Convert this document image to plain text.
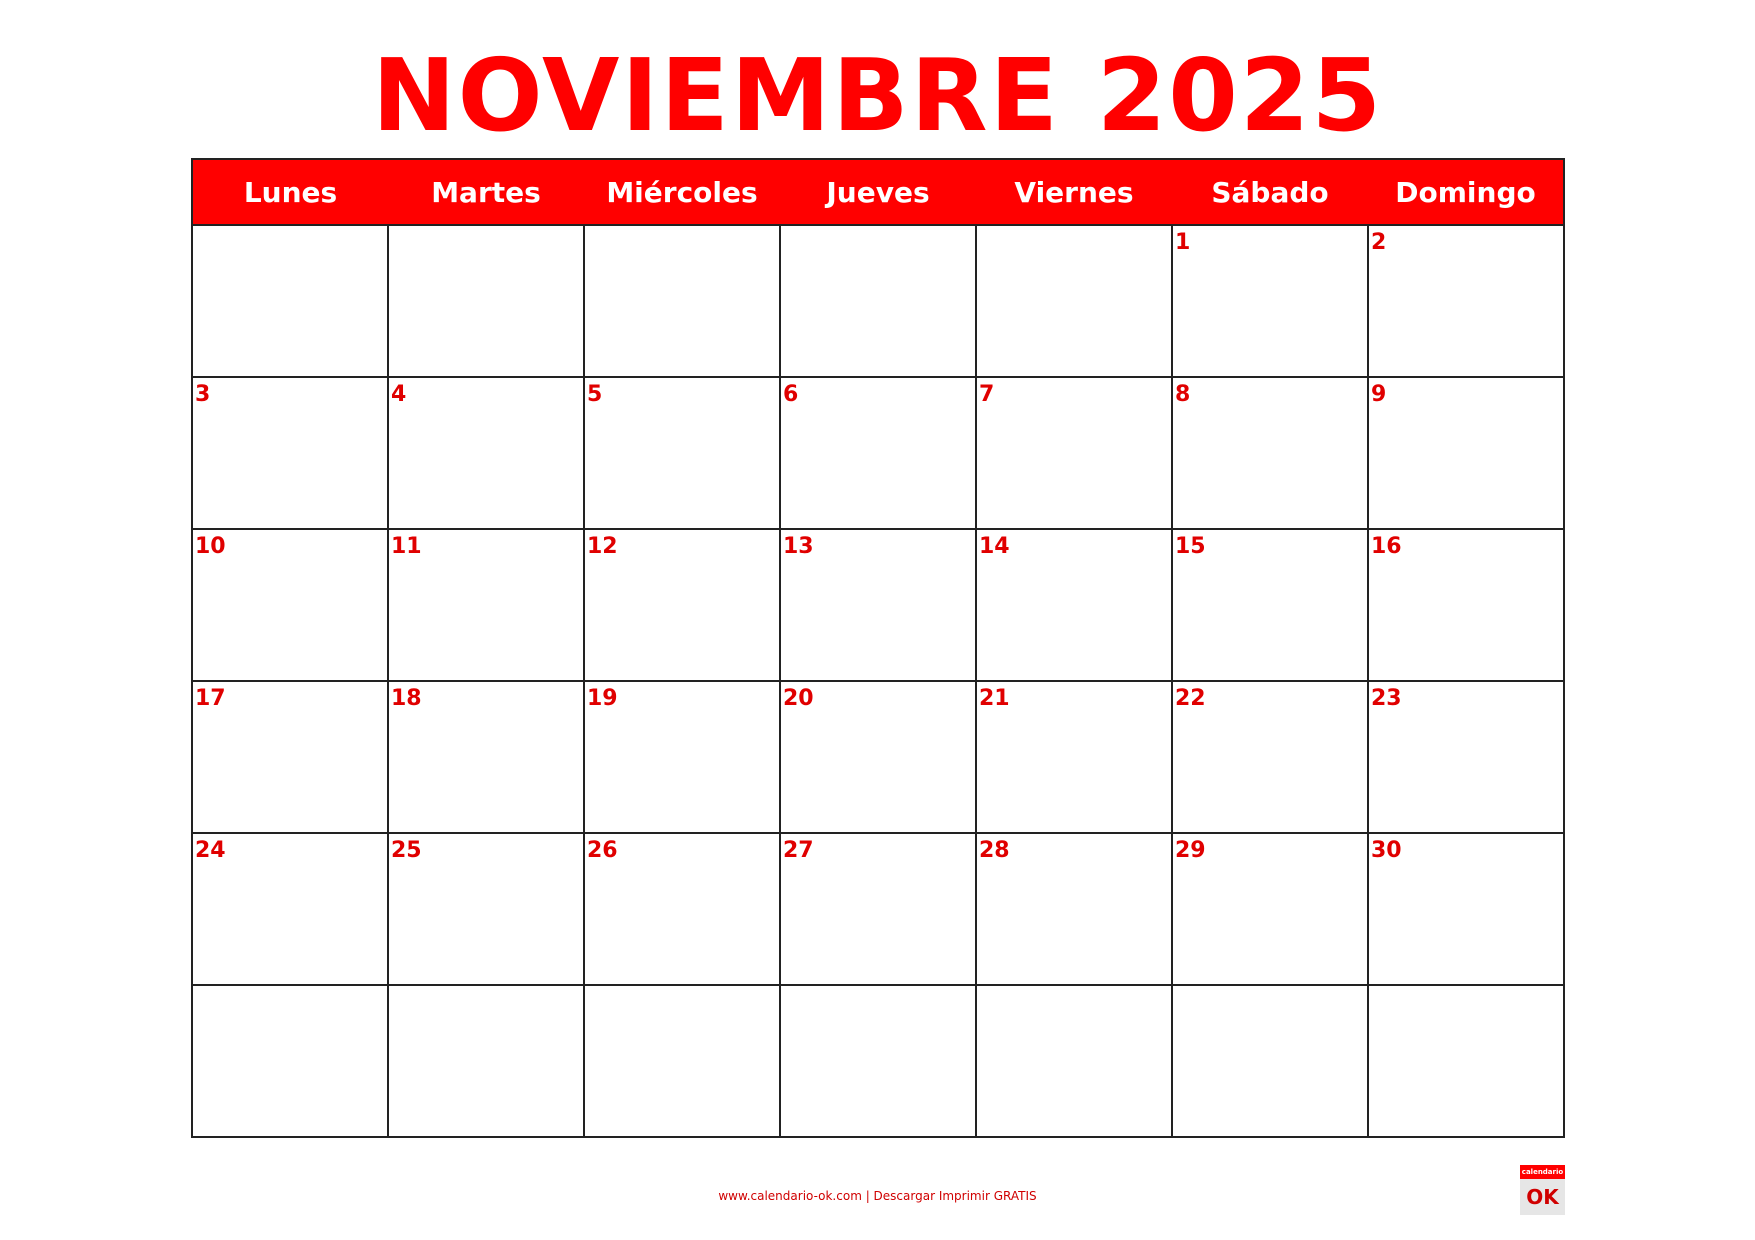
NOVIEMBRE 2025
Lunes	Martes	Miércoles	Jueves	Viernes	Sábado	Domingo

					1	2

3	4	5	6	7	8	9

10	11	12	13	14	15	16

17	18	19	20	21	22	23

24	25	26	27	28	29	30

www.calendario-ok.com | Descargar Imprimir GRATIS
calendario
OK
